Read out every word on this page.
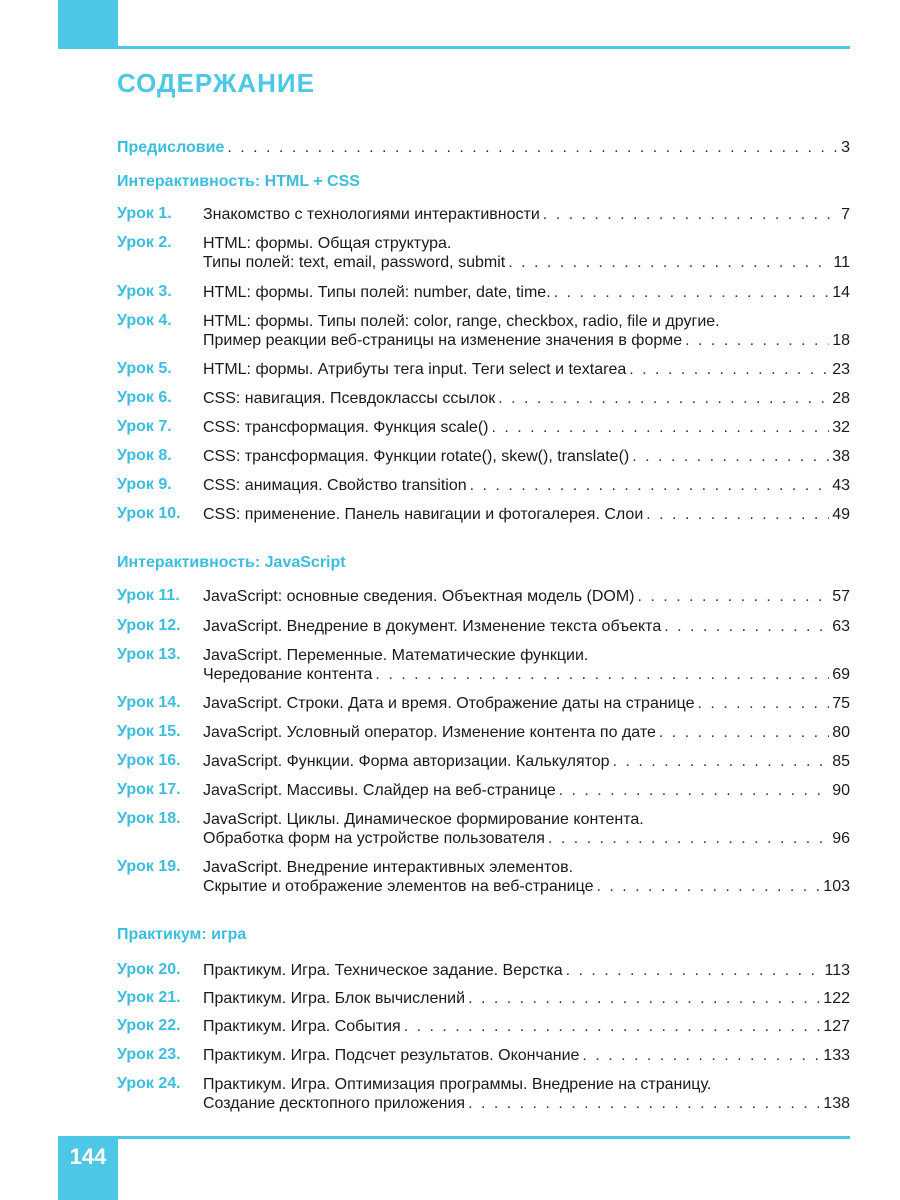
СОДЕРЖАНИЕ
Предисловие . . .	3
Интерактивность: HTML + CSS
Интерактивность: JavaScript
Практикум: игра
Урок 1.	Знакомство с технологиями интерактивности . . .	7
Урок 2.	HTML: формы. Общая структура.
Типы полей: text, email, password, submit . . .	11
Урок 3.	HTML: формы. Типы полей: number, date, time. . . .	14
Урок 4.	HTML: формы. Типы полей: color, range, checkbox, radio, file и другие.
Пример реакции веб-страницы на изменение значения в форме . . .	18
Урок 5.	HTML: формы. Атрибуты тега input. Теги select и textarea . . .	23
Урок 6.	CSS: навигация. Псевдоклассы ссылок . . .	28
Урок 7.	CSS: трансформация. Функция scale() . . .	32
Урок 8.	CSS: трансформация. Функции rotate(), skew(), translate() . . .	38
Урок 9.	CSS: анимация. Свойство transition . . .	43
Урок 10.	CSS: применение. Панель навигации и фотогалерея. Слои . . .	49
Урок 11.	JavaScript: основные сведения. Объектная модель (DOM) . . .	57
Урок 12.	JavaScript. Внедрение в документ. Изменение текста объекта . . .	63
Урок 13.	JavaScript. Переменные. Математические функции.
Чередование контента . . .	69
Урок 14.	JavaScript. Строки. Дата и время. Отображение даты на странице . . .	75
Урок 15.	JavaScript. Условный оператор. Изменение контента по дате . . .	80
Урок 16.	JavaScript. Функции. Форма авторизации. Калькулятор . . .	85
Урок 17.	JavaScript. Массивы. Слайдер на веб-странице . . .	90
Урок 18.	JavaScript. Циклы. Динамическое формирование контента.
Обработка форм на устройстве пользователя . . .	96
Урок 19.	JavaScript. Внедрение интерактивных элементов.
Скрытие и отображение элементов на веб-странице . . .	103
Урок 20.	Практикум. Игра. Техническое задание. Верстка . . .	113
Урок 21.	Практикум. Игра. Блок вычислений . . .	122
Урок 22.	Практикум. Игра. События . . .	127
Урок 23.	Практикум. Игра. Подсчет результатов. Окончание . . .	133
Урок 24.	Практикум. Игра. Оптимизация программы. Внедрение на страницу.
Создание десктопного приложения . . .	138
144
